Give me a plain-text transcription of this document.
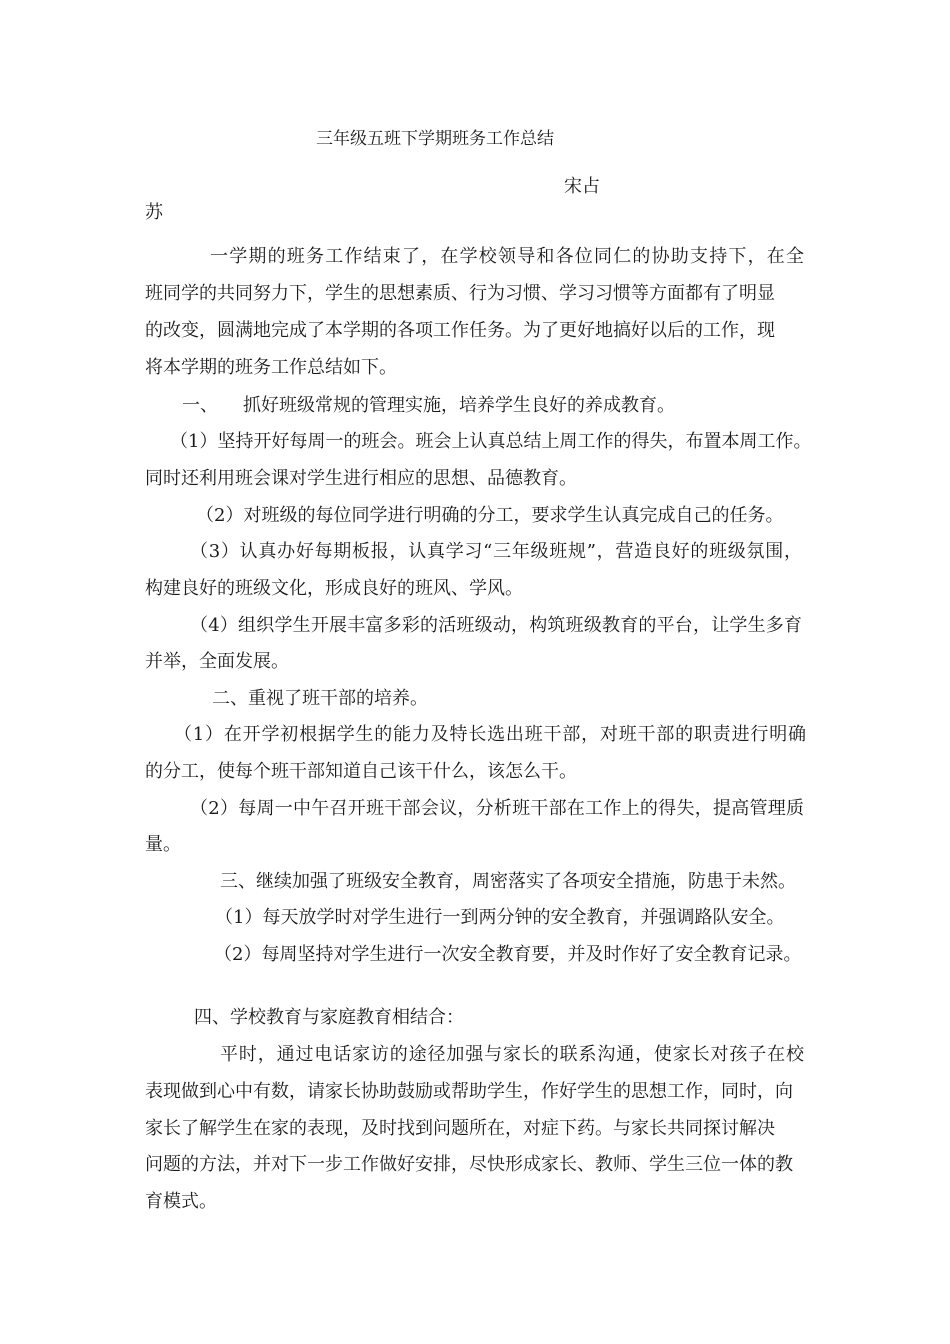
三年级五班下学期班务工作总结
宋占
苏
一学期的班务工作结束了，在学校领导和各位同仁的协助支持下，在全
班同学的共同努力下，学生的思想素质、行为习惯、学习习惯等方面都有了明显
的改变，圆满地完成了本学期的各项工作任务。为了更好地搞好以后的工作，现
将本学期的班务工作总结如下。
一、 抓好班级常规的管理实施，培养学生良好的养成教育。
（1）坚持开好每周一的班会。班会上认真总结上周工作的得失，布置本周工作。
同时还利用班会课对学生进行相应的思想、品德教育。
（2）对班级的每位同学进行明确的分工，要求学生认真完成自己的任务。
（3）认真办好每期板报，认真学习“三年级班规”，营造良好的班级氛围，
构建良好的班级文化，形成良好的班风、学风。
（4）组织学生开展丰富多彩的活班级动，构筑班级教育的平台，让学生多育
并举，全面发展。
二、重视了班干部的培养。
（1）在开学初根据学生的能力及特长选出班干部，对班干部的职责进行明确
的分工，使每个班干部知道自己该干什么，该怎么干。
（2）每周一中午召开班干部会议，分析班干部在工作上的得失，提高管理质
量。
三、继续加强了班级安全教育，周密落实了各项安全措施，防患于未然。
（1）每天放学时对学生进行一到两分钟的安全教育，并强调路队安全。
（2）每周坚持对学生进行一次安全教育要，并及时作好了安全教育记录。
四、学校教育与家庭教育相结合：
平时，通过电话家访的途径加强与家长的联系沟通，使家长对孩子在校
表现做到心中有数，请家长协助鼓励或帮助学生，作好学生的思想工作，同时，向
家长了解学生在家的表现，及时找到问题所在，对症下药。与家长共同探讨解决
问题的方法，并对下一步工作做好安排，尽快形成家长、教师、学生三位一体的教
育模式。
